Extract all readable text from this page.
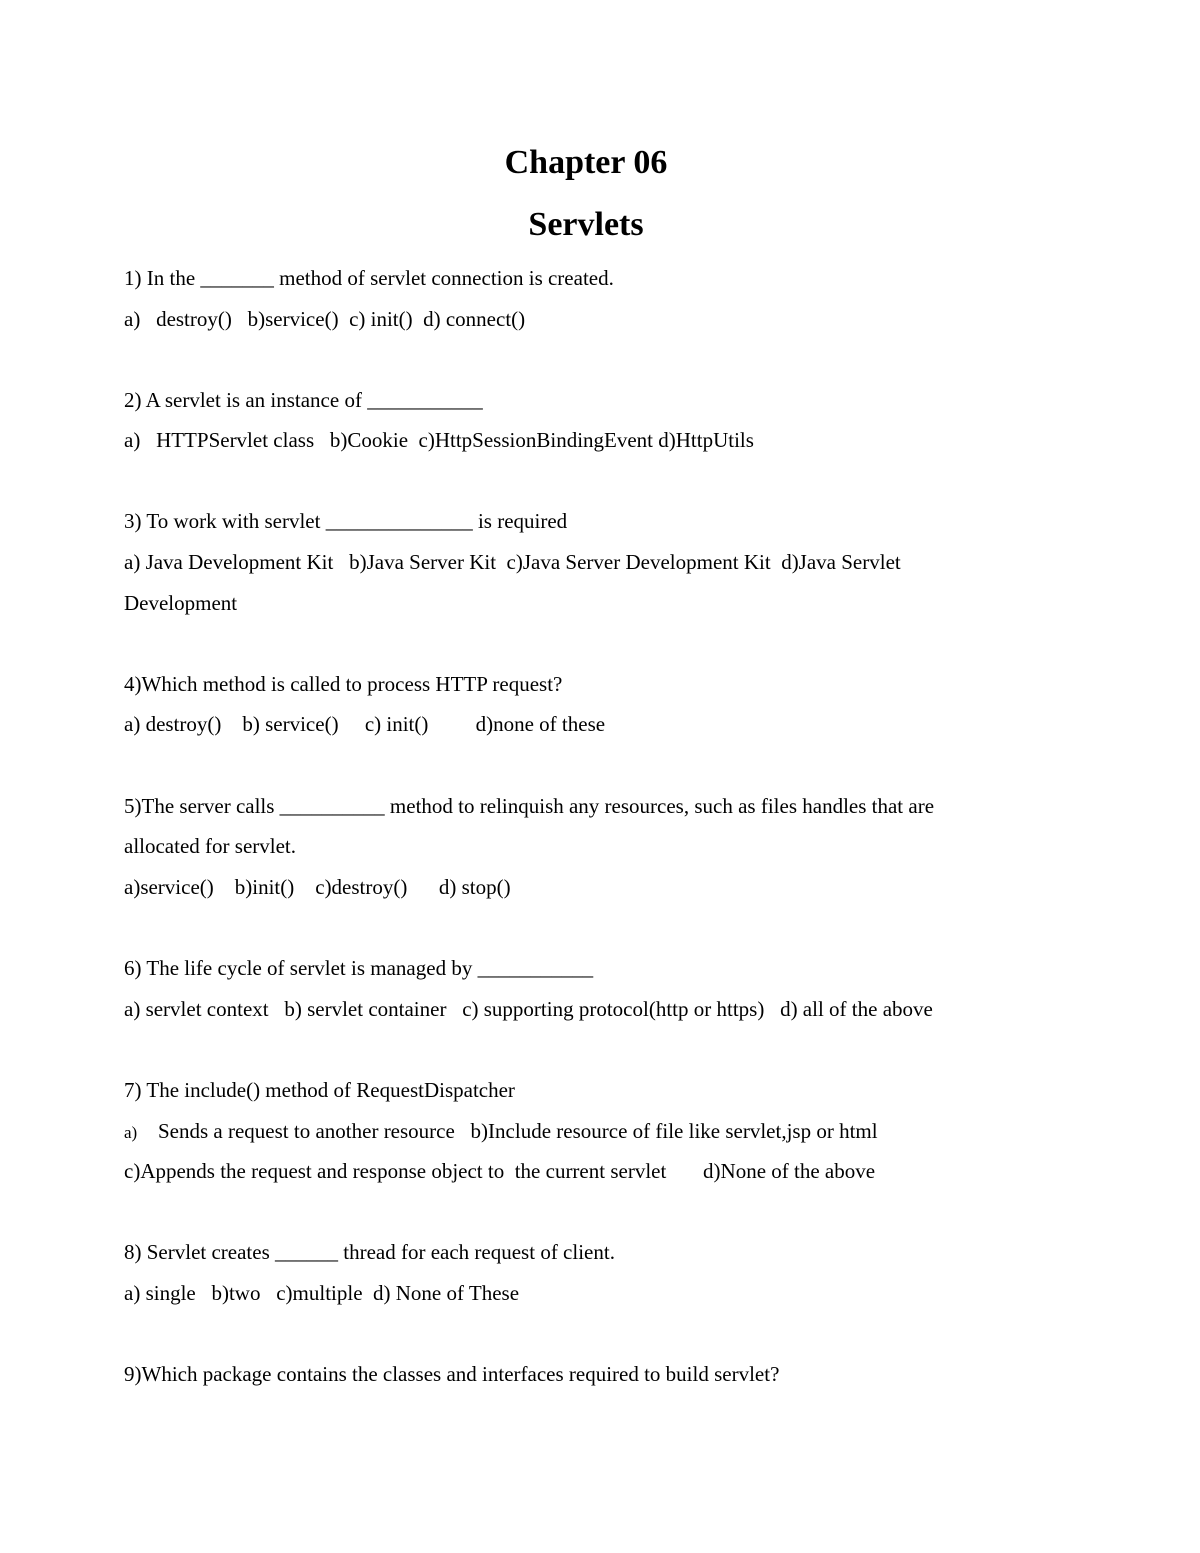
Chapter 06
Servlets
1) In the _______ method of servlet connection is created.
a)   destroy()   b)service()  c) init()  d) connect()
2) A servlet is an instance of ___________
a)   HTTPServlet class   b)Cookie  c)HttpSessionBindingEvent d)HttpUtils
3) To work with servlet ______________ is required
a) Java Development Kit   b)Java Server Kit  c)Java Server Development Kit  d)Java Servlet
Development
4)Which method is called to process HTTP request?
a) destroy()    b) service()     c) init()         d)none of these
5)The server calls __________ method to relinquish any resources, such as files handles that are
allocated for servlet.
a)service()    b)init()    c)destroy()      d) stop()
6) The life cycle of servlet is managed by ___________
a) servlet context   b) servlet container   c) supporting protocol(http or https)   d) all of the above
7) The include() method of RequestDispatcher
a) Sends a request to another resource   b)Include resource of file like servlet,jsp or html
c)Appends the request and response object to  the current servlet       d)None of the above
8) Servlet creates ______ thread for each request of client.
a) single   b)two   c)multiple  d) None of These
9)Which package contains the classes and interfaces required to build servlet?
